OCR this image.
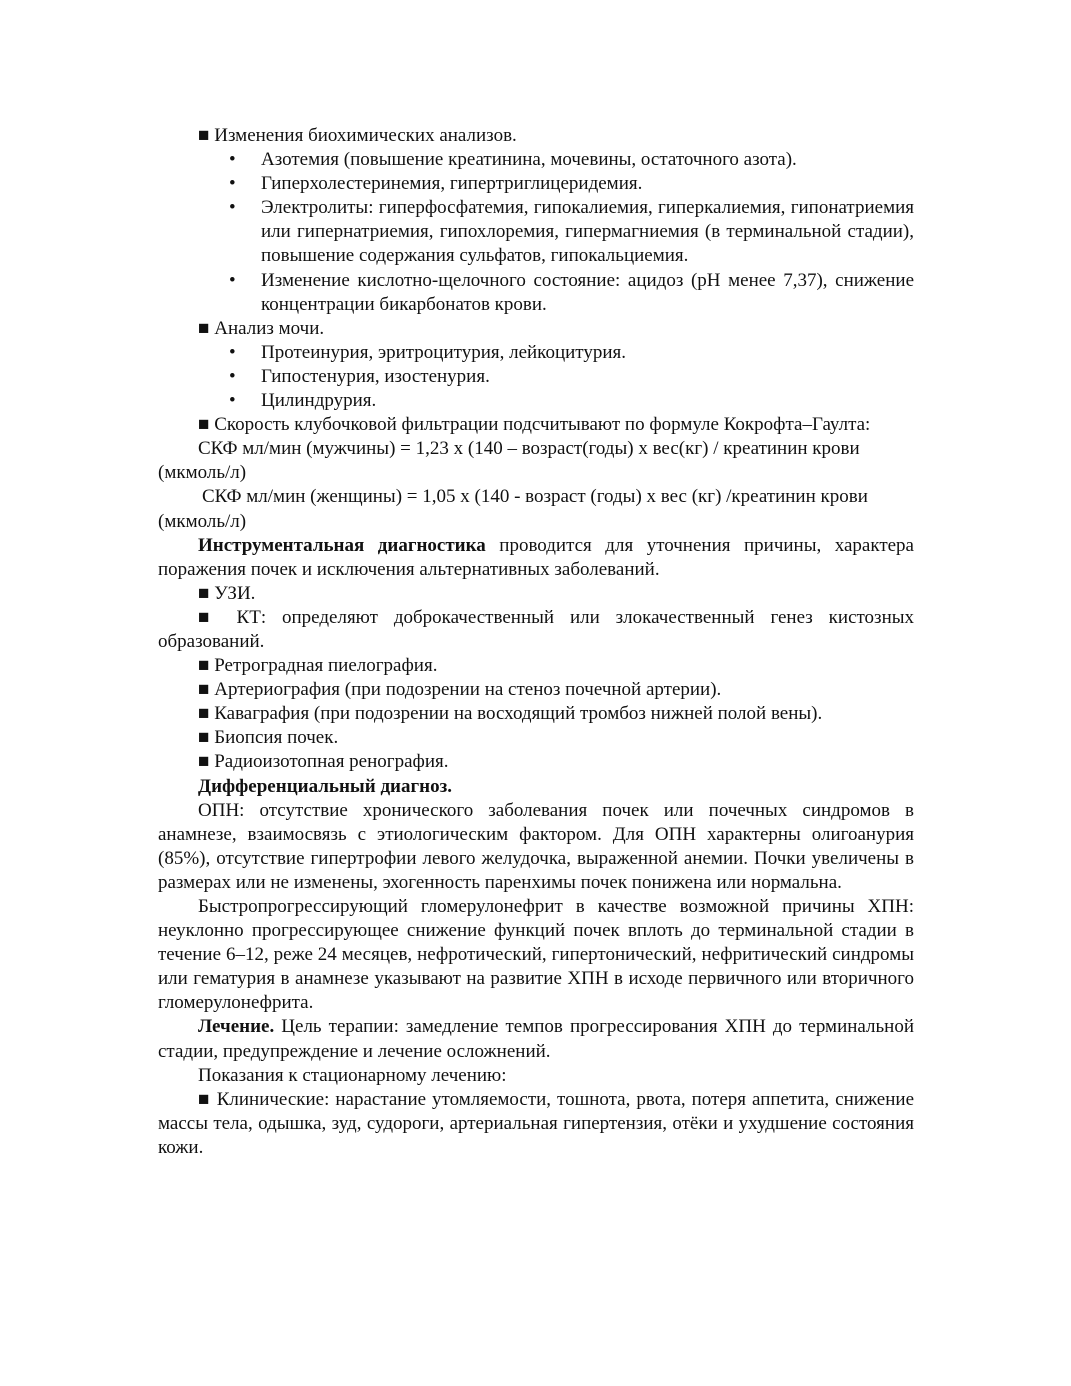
■ Изменения биохимических анализов.

• Азотемия (повышение креатинина, мочевины, остаточного азота).
• Гиперхолестеринемия, гипертриглицеридемия.
• Электролиты: гиперфосфатемия, гипокалиемия, гиперкалиемия, гипонатриемия или гипернатриемия, гипохлоремия, гипермагниемия (в терминальной стадии), повышение содержания сульфатов, гипокальциемия.
• Изменение кислотно-щелочного состояние: ацидоз (рН менее 7,37), снижение концентрации бикарбонатов крови.

■ Анализ мочи.

• Протеинурия, эритроцитурия, лейкоцитурия.
• Гипостенурия, изостенурия.
• Цилиндрурия.

■ Скорость клубочковой фильтрации подсчитывают по формуле Кокрофта–Гаулта:

СКФ мл/мин (мужчины) = 1,23 х (140 – возраст(годы) х вес(кг) / креатинин крови (мкмоль/л)

СКФ мл/мин (женщины) = 1,05 х (140 - возраст (годы) х вес (кг) /креатинин крови (мкмоль/л)

Инструментальная диагностика проводится для уточнения причины, характера поражения почек и исключения альтернативных заболеваний.

■ УЗИ.

■ КТ: определяют доброкачественный или злокачественный генез кистозных образований.

■ Ретроградная пиелография.

■ Артериография (при подозрении на стеноз почечной артерии).

■ Каваграфия (при подозрении на восходящий тромбоз нижней полой вены).

■ Биопсия почек.

■ Радиоизотопная ренография.

Дифференциальный диагноз.

ОПН: отсутствие хронического заболевания почек или почечных синдромов в анамнезе, взаимосвязь с этиологическим фактором. Для ОПН характерны олигоанурия (85%), отсутствие гипертрофии левого желудочка, выраженной анемии. Почки увеличены в размерах или не изменены, эхогенность паренхимы почек понижена или нормальна.

Быстропрогрессирующий гломерулонефрит в качестве возможной причины ХПН: неуклонно прогрессирующее снижение функций почек вплоть до терминальной стадии в течение 6–12, реже 24 месяцев, нефротический, гипертонический, нефритический синдромы или гематурия в анамнезе указывают на развитие ХПН в исходе первичного или вторичного гломерулонефрита.

Лечение. Цель терапии: замедление темпов прогрессирования ХПН до терминальной стадии, предупреждение и лечение осложнений.

Показания к стационарному лечению:

■ Клинические: нарастание утомляемости, тошнота, рвота, потеря аппетита, снижение массы тела, одышка, зуд, судороги, артериальная гипертензия, отёки и ухудшение состояния кожи.
